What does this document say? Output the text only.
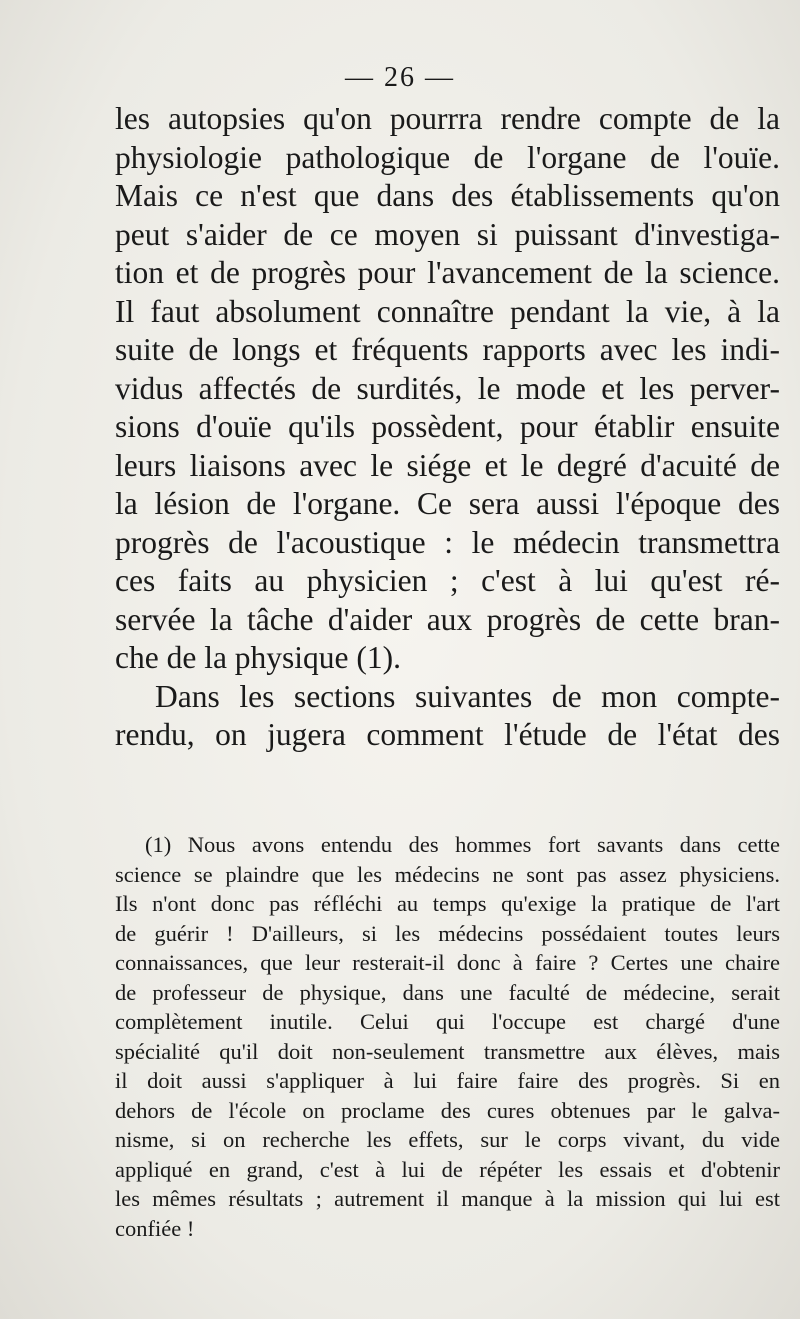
— 26 —
les autopsies qu'on pourrra rendre compte de la
physiologie pathologique de l'organe de l'ouïe.
Mais ce n'est que dans des établissements qu'on
peut s'aider de ce moyen si puissant d'investiga-
tion et de progrès pour l'avancement de la science.
Il faut absolument connaître pendant la vie, à la
suite de longs et fréquents rapports avec les indi-
vidus affectés de surdités, le mode et les perver-
sions d'ouïe qu'ils possèdent, pour établir ensuite
leurs liaisons avec le siége et le degré d'acuité de
la lésion de l'organe. Ce sera aussi l'époque des
progrès de l'acoustique : le médecin transmettra
ces faits au physicien ; c'est à lui qu'est ré-
servée la tâche d'aider aux progrès de cette bran-
che de la physique (1).
Dans les sections suivantes de mon compte-
rendu, on jugera comment l'étude de l'état des
(1) Nous avons entendu des hommes fort savants dans cette
science se plaindre que les médecins ne sont pas assez physiciens.
Ils n'ont donc pas réfléchi au temps qu'exige la pratique de l'art
de guérir ! D'ailleurs, si les médecins possédaient toutes leurs
connaissances, que leur resterait-il donc à faire ? Certes une chaire
de professeur de physique, dans une faculté de médecine, serait
complètement inutile. Celui qui l'occupe est chargé d'une
spécialité qu'il doit non-seulement transmettre aux élèves, mais
il doit aussi s'appliquer à lui faire faire des progrès. Si en
dehors de l'école on proclame des cures obtenues par le galva-
nisme, si on recherche les effets, sur le corps vivant, du vide
appliqué en grand, c'est à lui de répéter les essais et d'obtenir
les mêmes résultats ; autrement il manque à la mission qui lui est
confiée !
